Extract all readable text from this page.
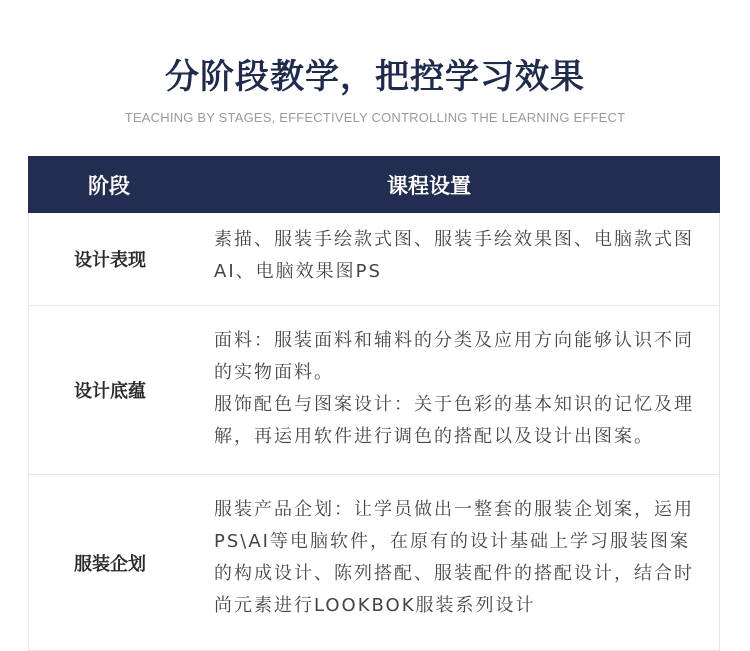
分阶段教学，把控学习效果
TEACHING BY STAGES, EFFECTIVELY CONTROLLING THE LEARNING EFFECT
阶段	课程设置
设计表现

素描、服装手绘款式图、服装手绘效果图、电脑款式图AI、电脑效果图PS

设计底蕴

面料：服装面料和辅料的分类及应用方向能够认识不同的实物面料。

服饰配色与图案设计：关于色彩的基本知识的记忆及理解，再运用软件进行调色的搭配以及设计出图案。

服装企划

服装产品企划：让学员做出一整套的服装企划案，运用PS\AI等电脑软件，在原有的设计基础上学习服装图案的构成设计、陈列搭配、服装配件的搭配设计，结合时尚元素进行LOOKBOK服装系列设计
